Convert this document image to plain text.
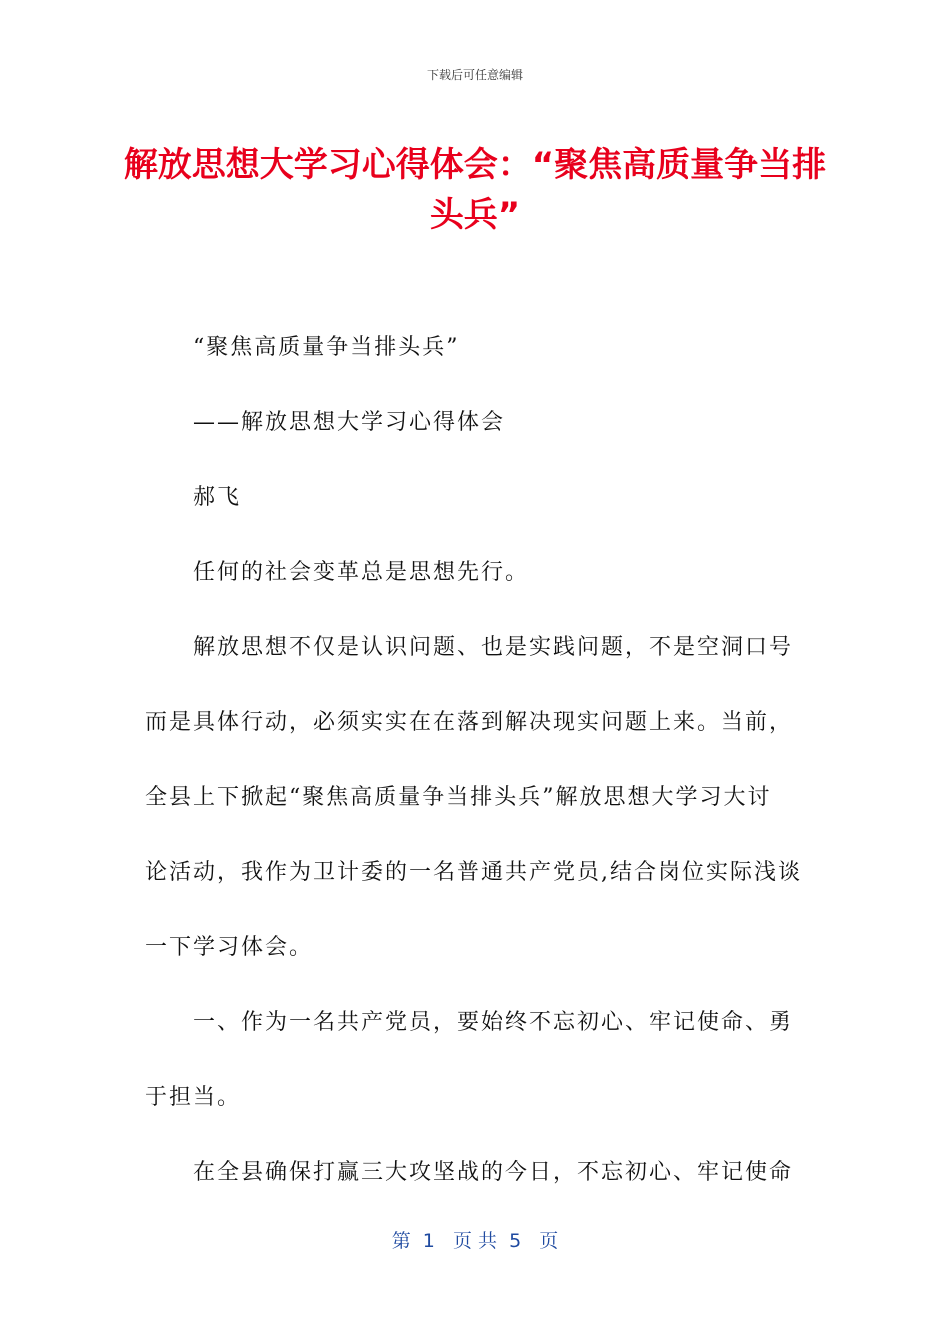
下载后可任意编辑
解放思想大学习心得体会：“聚焦高质量争当排头兵”
“聚焦高质量争当排头兵”
——解放思想大学习心得体会
郝飞
任何的社会变革总是思想先行。
解放思想不仅是认识问题、也是实践问题，不是空洞口号
而是具体行动，必须实实在在落到解决现实问题上来。当前，
全县上下掀起“聚焦高质量争当排头兵”解放思想大学习大讨
论活动，我作为卫计委的一名普通共产党员,结合岗位实际浅谈
一下学习体会。
一、作为一名共产党员，要始终不忘初心、牢记使命、勇
于担当。
在全县确保打赢三大攻坚战的今日，不忘初心、牢记使命
第  1   页 共  5   页
